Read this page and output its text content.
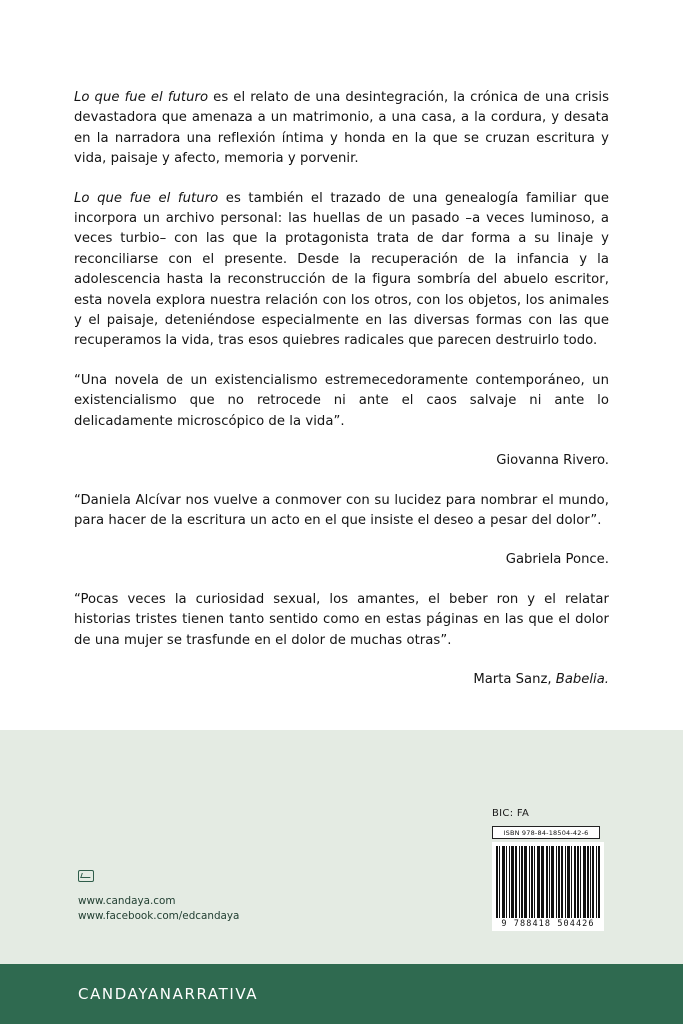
Lo que fue el futuro es el relato de una desintegración, la crónica de una crisis devastadora que amenaza a un matrimonio, a una casa, a la cordura, y desata en la narradora una reflexión íntima y honda en la que se cruzan escritura y vida, paisaje y afecto, memoria y porvenir.

Lo que fue el futuro es también el trazado de una genealogía familiar que incorpora un archivo personal: las huellas de un pasado –a veces luminoso, a veces turbio– con las que la protagonista trata de dar forma a su linaje y reconciliarse con el presente. Desde la recuperación de la infancia y la adolescencia hasta la reconstrucción de la figura sombría del abuelo escritor, esta novela explora nuestra relación con los otros, con los objetos, los animales y el paisaje, deteniéndose especialmente en las diversas formas con las que recuperamos la vida, tras esos quiebres radicales que parecen destruirlo todo.

“Una novela de un existencialismo estremecedoramente contemporáneo, un existencialismo que no retrocede ni ante el caos salvaje ni ante lo delicadamente microscópico de la vida”.

Giovanna Rivero.

“Daniela Alcívar nos vuelve a conmover con su lucidez para nombrar el mundo, para hacer de la escritura un acto en el que insiste el deseo a pesar del dolor”.

Gabriela Ponce.

“Pocas veces la curiosidad sexual, los amantes, el beber ron y el relatar historias tristes tienen tanto sentido como en estas páginas en las que el dolor de una mujer se trasfunde en el dolor de muchas otras”.

Marta Sanz, Babelia.

BIC: FA
ISBN 978-84-18504-42-6
9 788418 504426
www.candaya.com
www.facebook.com/edcandaya
CANDAYANARRATIVA
